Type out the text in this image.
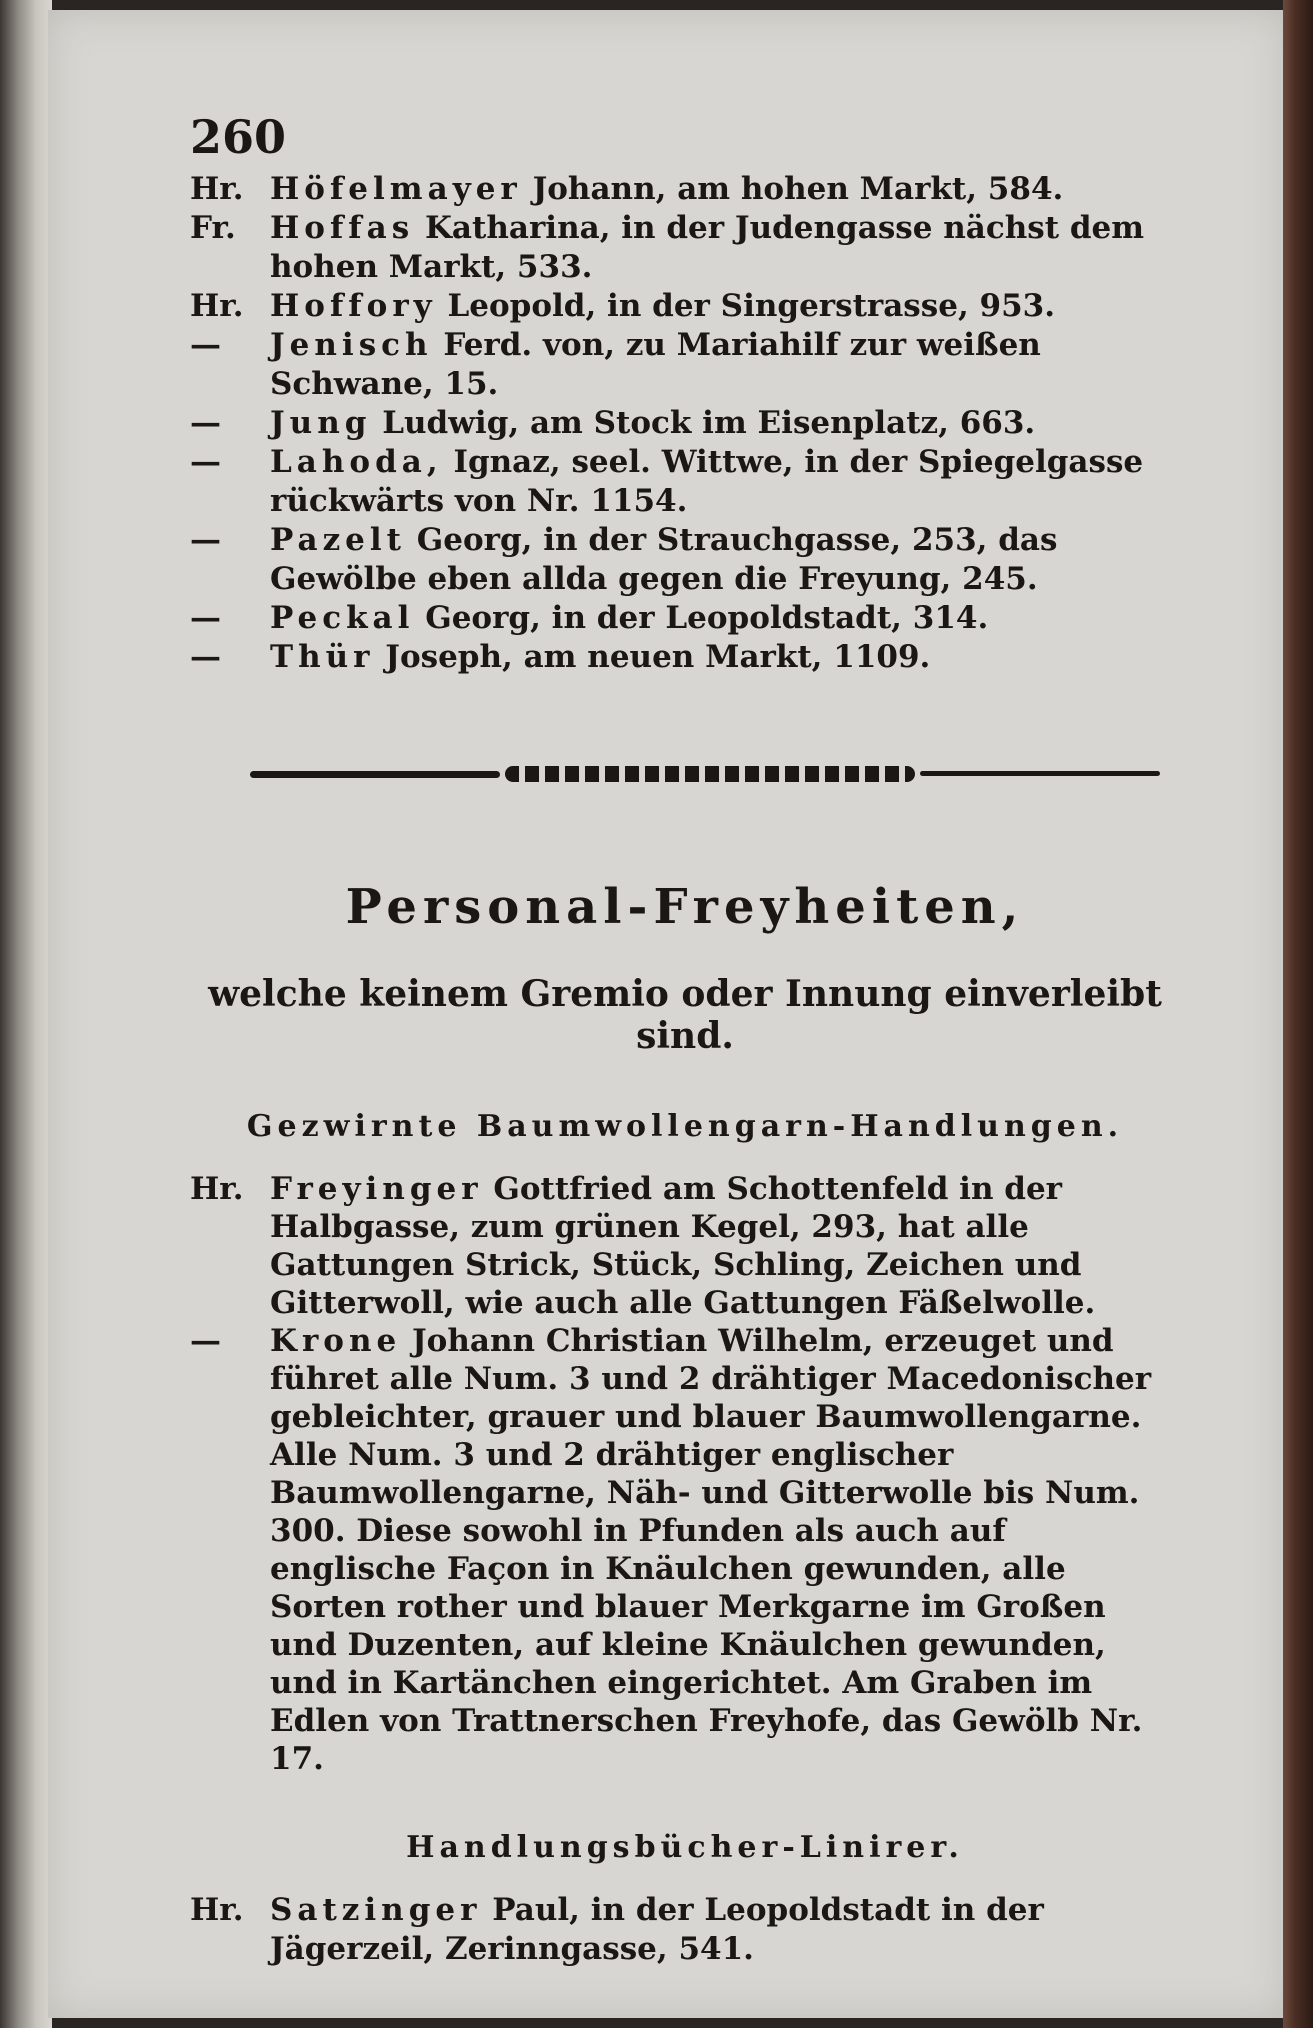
260
Hr. Höfelmayer Johann, am hohen Markt, 584.
Fr. Hoffas Katharina, in der Judengasse nächst dem hohen Markt, 533.
Hr. Hoffory Leopold, in der Singerstrasse, 953.
— Jenisch Ferd. von, zu Mariahilf zur weißen Schwane, 15.
— Jung Ludwig, am Stock im Eisenplatz, 663.
— Lahoda, Ignaz, seel. Wittwe, in der Spiegelgasse rückwärts von Nr. 1154.
— Pazelt Georg, in der Strauchgasse, 253, das Gewölbe eben allda gegen die Freyung, 245.
— Peckal Georg, in der Leopoldstadt, 314.
— Thür Joseph, am neuen Markt, 1109.
Personal-Freyheiten,
welche keinem Gremio oder Innung einverleibt sind.
Gezwirnte Baumwollengarn-Handlungen.
Hr. Freyinger Gottfried am Schottenfeld in der Halbgasse, zum grünen Kegel, 293, hat alle Gattungen Strick, Stück, Schling, Zeichen und Gitterwoll, wie auch alle Gattungen Fäßelwolle.
— Krone Johann Christian Wilhelm, erzeuget und führet alle Num. 3 und 2 drähtiger Macedonischer gebleichter, grauer und blauer Baumwollengarne. Alle Num. 3 und 2 drähtiger englischer Baumwollengarne, Näh- und Gitterwolle bis Num. 300. Diese sowohl in Pfunden als auch auf englische Façon in Knäulchen gewunden, alle Sorten rother und blauer Merkgarne im Großen und Duzenten, auf kleine Knäulchen gewunden, und in Kartänchen eingerichtet. Am Graben im Edlen von Trattnerschen Freyhofe, das Gewölb Nr. 17.
Handlungsbücher-Linirer.
Hr. Satzinger Paul, in der Leopoldstadt in der Jägerzeil, Zerinngasse, 541.
